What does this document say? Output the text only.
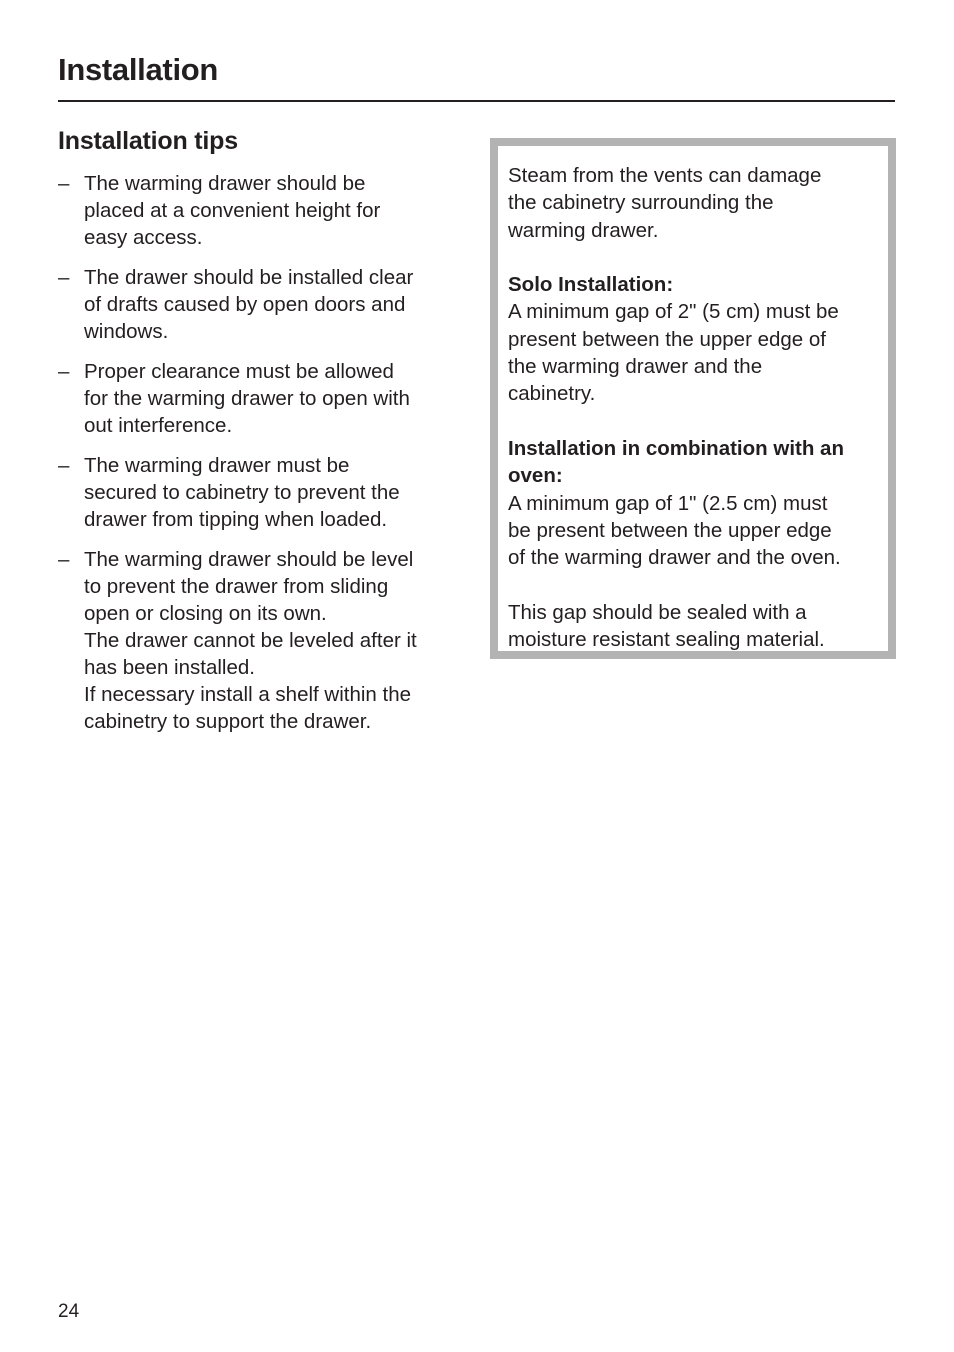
Installation
Installation tips
– The warming drawer should be
placed at a convenient height for
easy access.
– The drawer should be installed clear
of drafts caused by open doors and
windows.
– Proper clearance must be allowed
for the warming drawer to open with
out interference.
– The warming drawer must be
secured to cabinetry to prevent the
drawer from tipping when loaded.
– The warming drawer should be level
to prevent the drawer from sliding
open or closing on its own.
The drawer cannot be leveled after it
has been installed.
If necessary install a shelf within the
cabinetry to support the drawer.

Steam from the vents can damage
the cabinetry surrounding the
warming drawer.

Solo Installation:
A minimum gap of 2" (5 cm) must be
present between the upper edge of
the warming drawer and the
cabinetry.

Installation in combination with an
oven:
A minimum gap of 1" (2.5 cm) must
be present between the upper edge
of the warming drawer and the oven.

This gap should be sealed with a
moisture resistant sealing material.

24
